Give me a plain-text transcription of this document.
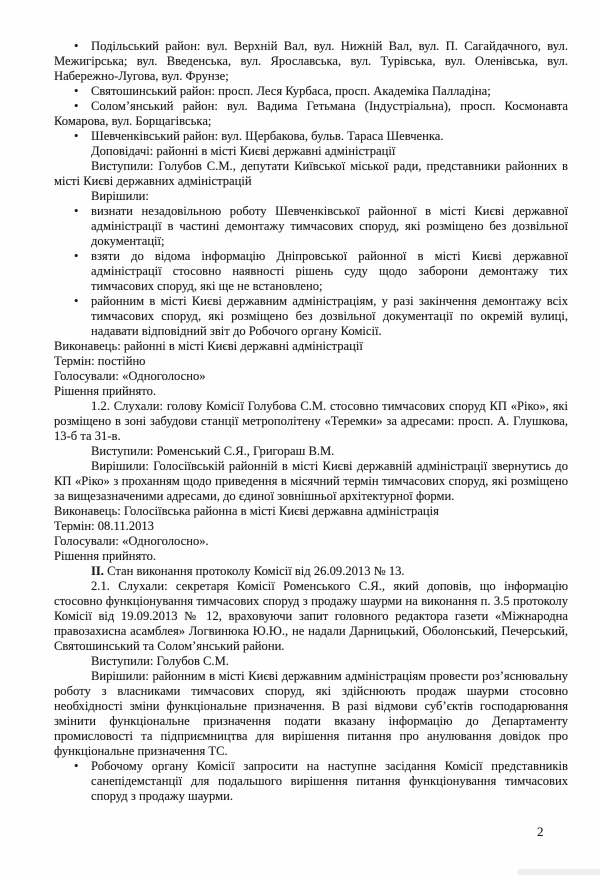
• Подільський район: вул. Верхній Вал, вул. Нижній Вал, вул. П. Сагайдачного, вул. Межигірська; вул. Введенська, вул. Ярославська, вул. Турівська, вул. Оленівська, вул. Набережно-Лугова, вул. Фрунзе;

• Святошинський район: просп. Леся Курбаса, просп. Академіка Палладіна;

• Солом’янський район: вул. Вадима Гетьмана (Індустріальна), просп. Космонавта Комарова, вул. Борщагівська;

• Шевченківський район: вул. Щербакова, бульв. Тараса Шевченка.

Доповідачі: районні в місті Києві державні адміністрації

Виступили: Голубов С.М., депутати Київської міської ради, представники районних в місті Києві державних адміністрацій

Вирішили:

• визнати незадовільною роботу Шевченківської районної в місті Києві державної адміністрації в частині демонтажу тимчасових споруд, які розміщено без дозвільної документації;

• взяти до відома інформацію Дніпровської районної в місті Києві державної адміністрації стосовно наявності рішень суду щодо заборони демонтажу тих тимчасових споруд, які ще не встановлено;

• районним в місті Києві державним адміністраціям, у разі закінчення демонтажу всіх тимчасових споруд, які розміщено без дозвільної документації по окремій вулиці, надавати відповідний звіт до Робочого органу Комісії.

Виконавець: районні в місті Києві державні адміністрації

Термін: постійно

Голосували: «Одноголосно»

Рішення прийнято.

1.2. Слухали: голову Комісії Голубова С.М. стосовно тимчасових споруд КП «Ріко», які розміщено в зоні забудови станції метрополітену «Теремки» за адресами: просп. А. Глушкова, 13-б та 31-в.

Виступили: Роменський С.Я., Григораш В.М.

Вирішили: Голосіївській районній в місті Києві державній адміністрації звернутись до КП «Ріко» з проханням щодо приведення в місячний термін тимчасових споруд, які розміщено за вищезазначеними адресами, до єдиної зовнішньої архітектурної форми.

Виконавець: Голосіївська районна в місті Києві державна адміністрація

Термін: 08.11.2013

Голосували: «Одноголосно».

Рішення прийнято.

II. Стан виконання протоколу Комісії від 26.09.2013 № 13.

2.1. Слухали: секретаря Комісії Роменського С.Я., який доповів, що інформацію стосовно функціонування тимчасових споруд з продажу шаурми на виконання п. 3.5 протоколу Комісії від 19.09.2013 № 12, враховуючи запит головного редактора газети «Міжнародна правозахисна асамблея» Логвинюка Ю.Ю., не надали Дарницький, Оболонський, Печерський, Святошинський та Солом’янський райони.

Виступили: Голубов С.М.

Вирішили: районним в місті Києві державним адміністраціям провести роз’яснювальну роботу з власниками тимчасових споруд, які здійснюють продаж шаурми стосовно необхідності зміни функціональне призначення. В разі відмови суб’єктів господарювання змінити функціональне призначення подати вказану інформацію до Департаменту промисловості та підприємництва для вирішення питання про анулювання довідок про функціональне призначення ТС.

• Робочому органу Комісії запросити на наступне засідання Комісії представників санепідемстанції для подальшого вирішення питання функціонування тимчасових споруд з продажу шаурми.

2
